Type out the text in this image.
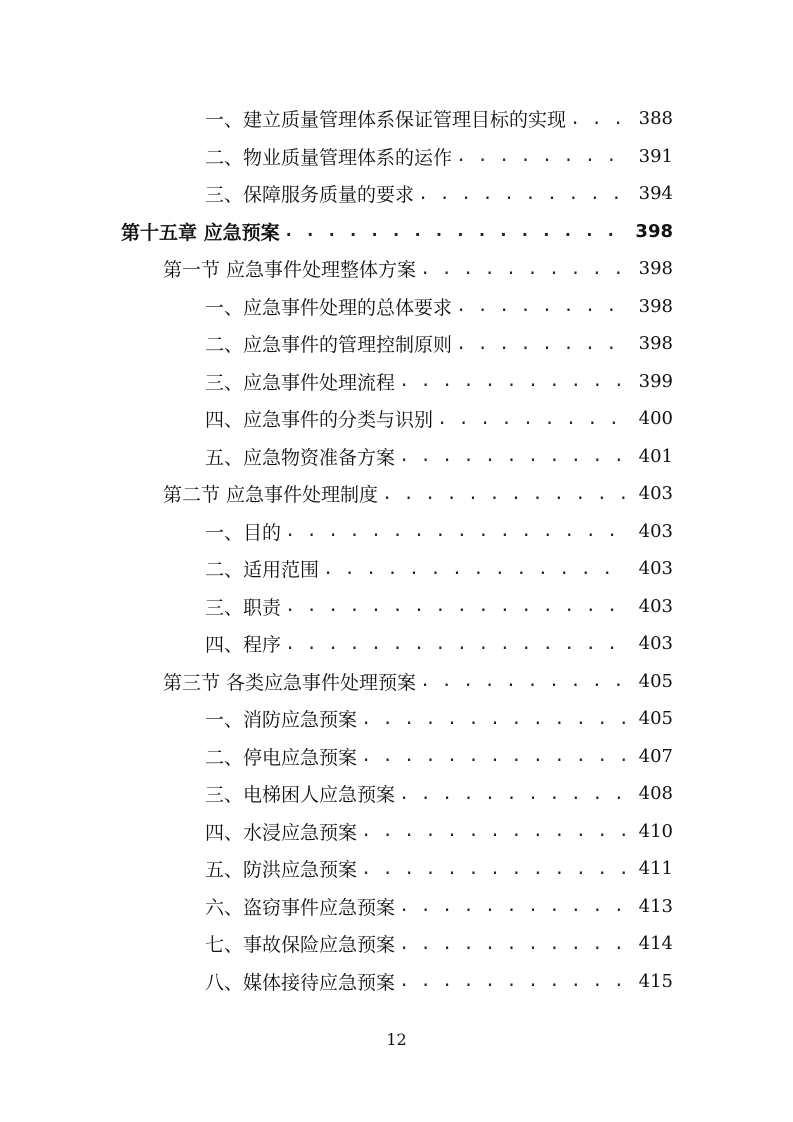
一、建立质量管理体系保证管理目标的实现 . . .	388
二、物业质量管理体系的运作 . . .	391
三、保障服务质量的要求 . . .	394
第十五章 应急预案 . . .	398
第一节 应急事件处理整体方案 . . .	398
一、应急事件处理的总体要求 . . .	398
二、应急事件的管理控制原则 . . .	398
三、应急事件处理流程 . . .	399
四、应急事件的分类与识别 . . .	400
五、应急物资准备方案 . . .	401
第二节 应急事件处理制度 . . .	403
一、目的 . . .	403
二、适用范围 . . .	403
三、职责 . . .	403
四、程序 . . .	403
第三节 各类应急事件处理预案 . . .	405
一、消防应急预案 . . .	405
二、停电应急预案 . . .	407
三、电梯困人应急预案 . . .	408
四、水浸应急预案 . . .	410
五、防洪应急预案 . . .	411
六、盗窃事件应急预案 . . .	413
七、事故保险应急预案 . . .	414
八、媒体接待应急预案 . . .	415
12
